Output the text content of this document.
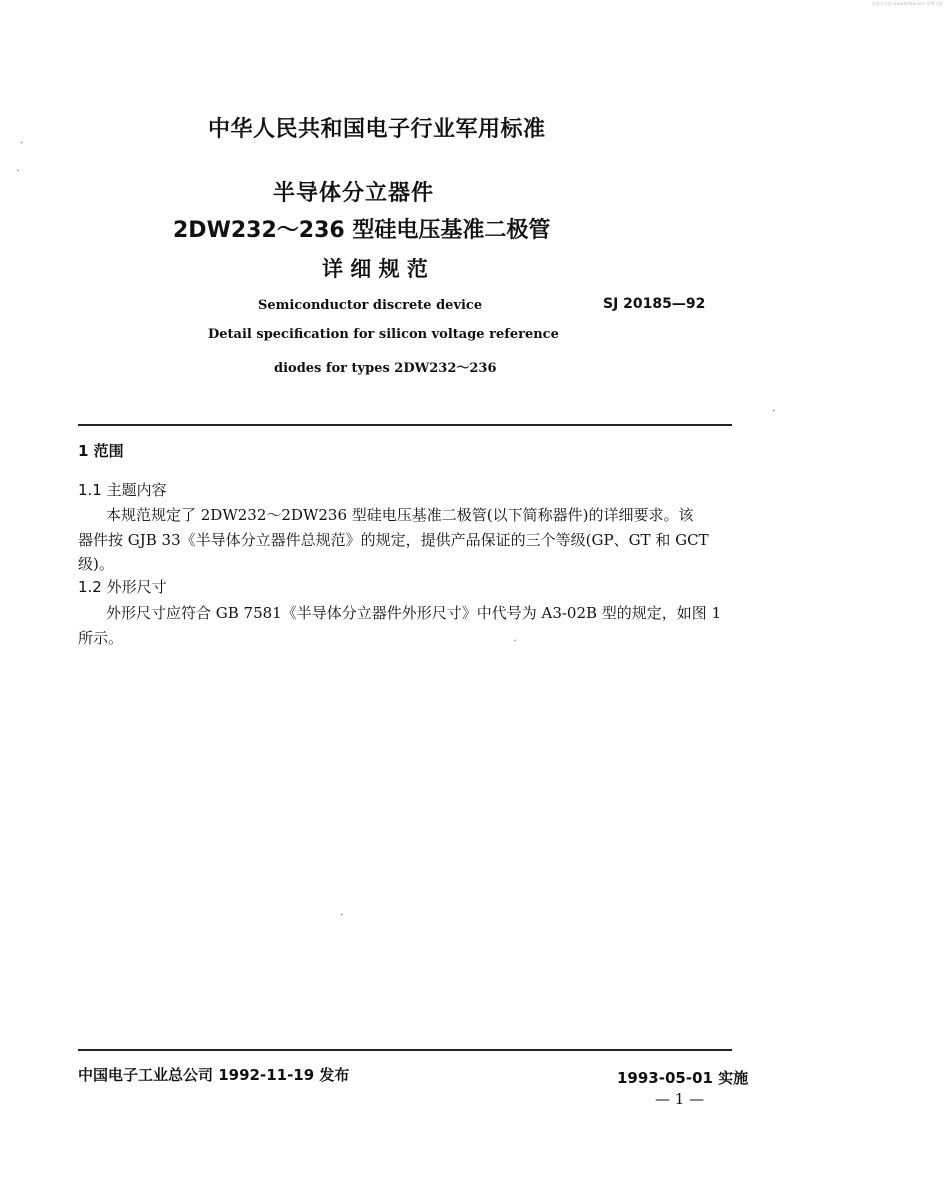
标准分享网 www.bzfxw.com 免费下载
•
•
•
•
•
中华人民共和国电子行业军用标准
半导体分立器件
2DW232～236 型硅电压基准二极管
详 细 规 范
Semiconductor discrete device	SJ 20185—92
Detail specification for silicon voltage reference
diodes for types 2DW232～236
1 范围
1.1 主题内容
本规范规定了 2DW232～2DW236 型硅电压基准二极管(以下简称器件)的详细要求。该
器件按 GJB 33《半导体分立器件总规范》的规定，提供产品保证的三个等级(GP、GT 和 GCT
级)。
1.2 外形尺寸
外形尺寸应符合 GB 7581《半导体分立器件外形尺寸》中代号为 A3-02B 型的规定，如图 1
所示。
中国电子工业总公司 1992-11-19 发布	1993-05-01 实施
— 1 —
